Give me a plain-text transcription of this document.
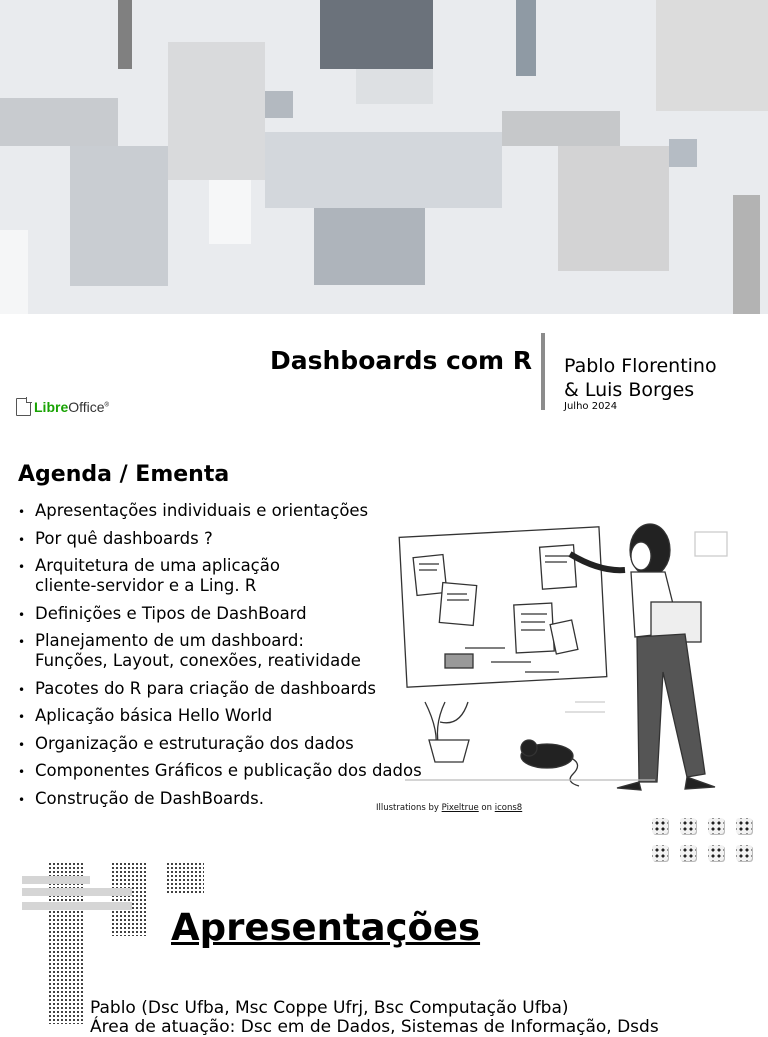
Dashboards com R Pablo Florentino
& Luis Borges
Julho 2024
LibreOffice®
Agenda / Ementa
• Apresentações individuais e orientações
• Por quê dashboards ?
• Arquitetura de uma aplicação
cliente-servidor e a Ling. R
• Definições e Tipos de DashBoard
• Planejamento de um dashboard:
Funções, Layout, conexões, reatividade
• Pacotes do R para criação de dashboards
• Aplicação básica Hello World
• Organização e estruturação dos dados
• Componentes Gráficos e publicação dos dados
• Construção de DashBoards.
Illustrations by Pixeltrue on icons8
Apresentações
Pablo (Dsc Ufba, Msc Coppe Ufrj, Bsc Computação Ufba)
Área de atuação: Dsc em de Dados, Sistemas de Informação, Dsds
